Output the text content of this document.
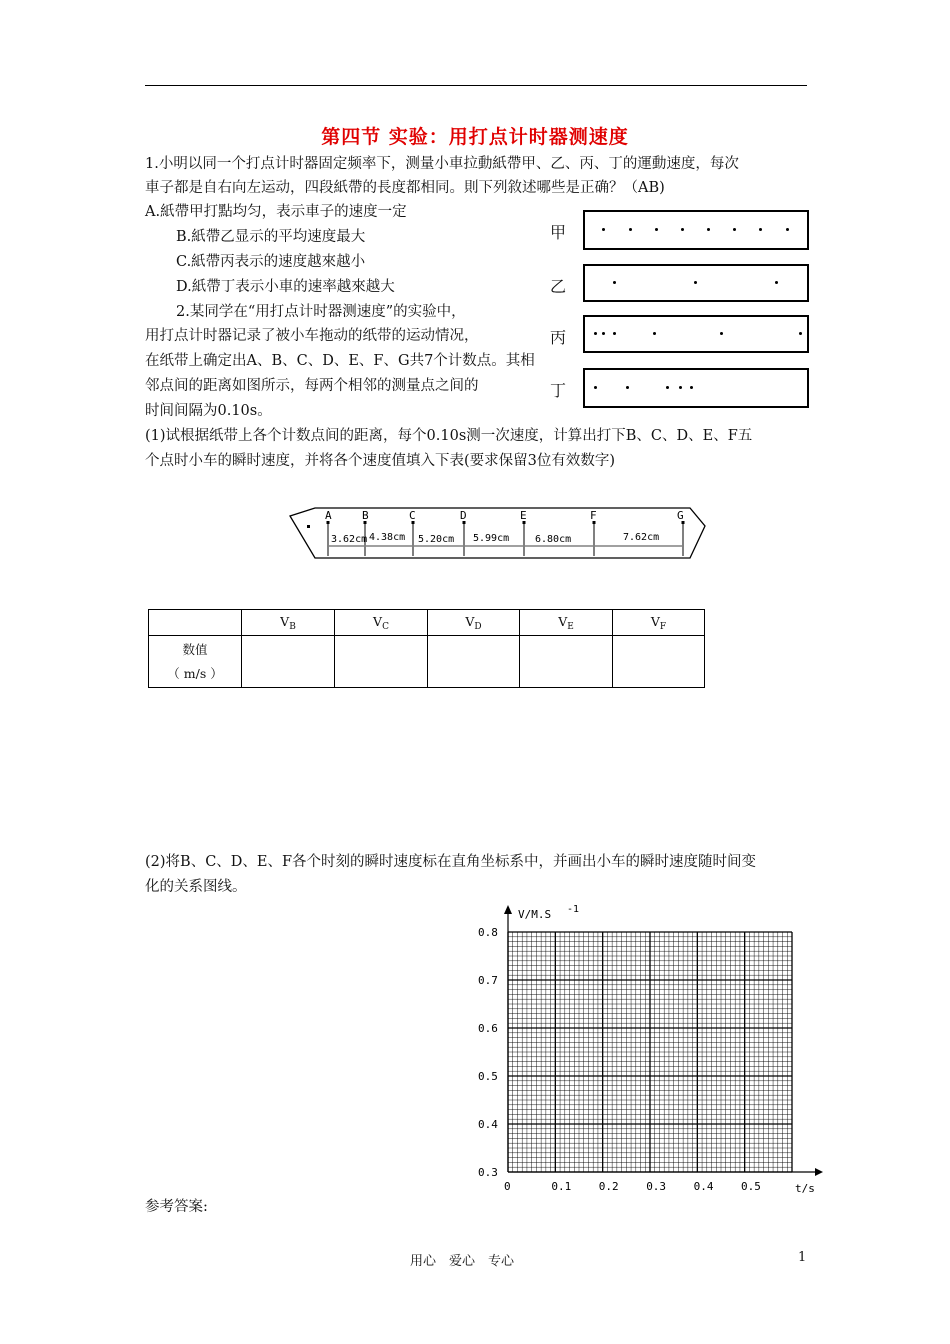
第四节 实验：用打点计时器测速度
1.小明以同一个打点计时器固定频率下，测量小車拉動紙帶甲、乙、丙、丁的運動速度，每次
車子都是自右向左运动，四段紙帶的長度都相同。則下列敘述哪些是正确？（AB)
A.紙帶甲打點均匀，表示車子的速度一定
B.紙帶乙显示的平均速度最大
C.紙帶丙表示的速度越來越小
D.紙帶丁表示小車的速率越來越大
2.某同学在“用打点计时器测速度”的实验中，
用打点计时器记录了被小车拖动的纸带的运动情况，
在纸带上确定出A、B、C、D、E、F、G共7个计数点。其相
邻点间的距离如图所示，每两个相邻的测量点之间的
时间间隔为0.10s。
甲
乙
丙
丁
(1)试根据纸带上各个计数点间的距离，每个0.10s测一次速度，计算出打下B、C、D、E、F五
个点时小车的瞬时速度，并将各个速度值填入下表(要求保留3位有效数字)
A	B	C	D	E	F	G
3.62cm 4.38cm 5.20cm 5.99cm	6.80cm	7.62cm
	$V_B$	$V_C$	$V_D$	$V_E$	$V_F$

数值
（ m/s ）					

(2)将B、C、D、E、F各个时刻的瞬时速度标在直角坐标系中，并画出小车的瞬时速度随时间变
化的关系图线。
V/M.S -1
t/s
0.8
0.7
0.6
0.5
0.4
0.3
0	0.1	0.2	0.3	0.4	0.5
参考答案:
用心　爱心　专心	1
